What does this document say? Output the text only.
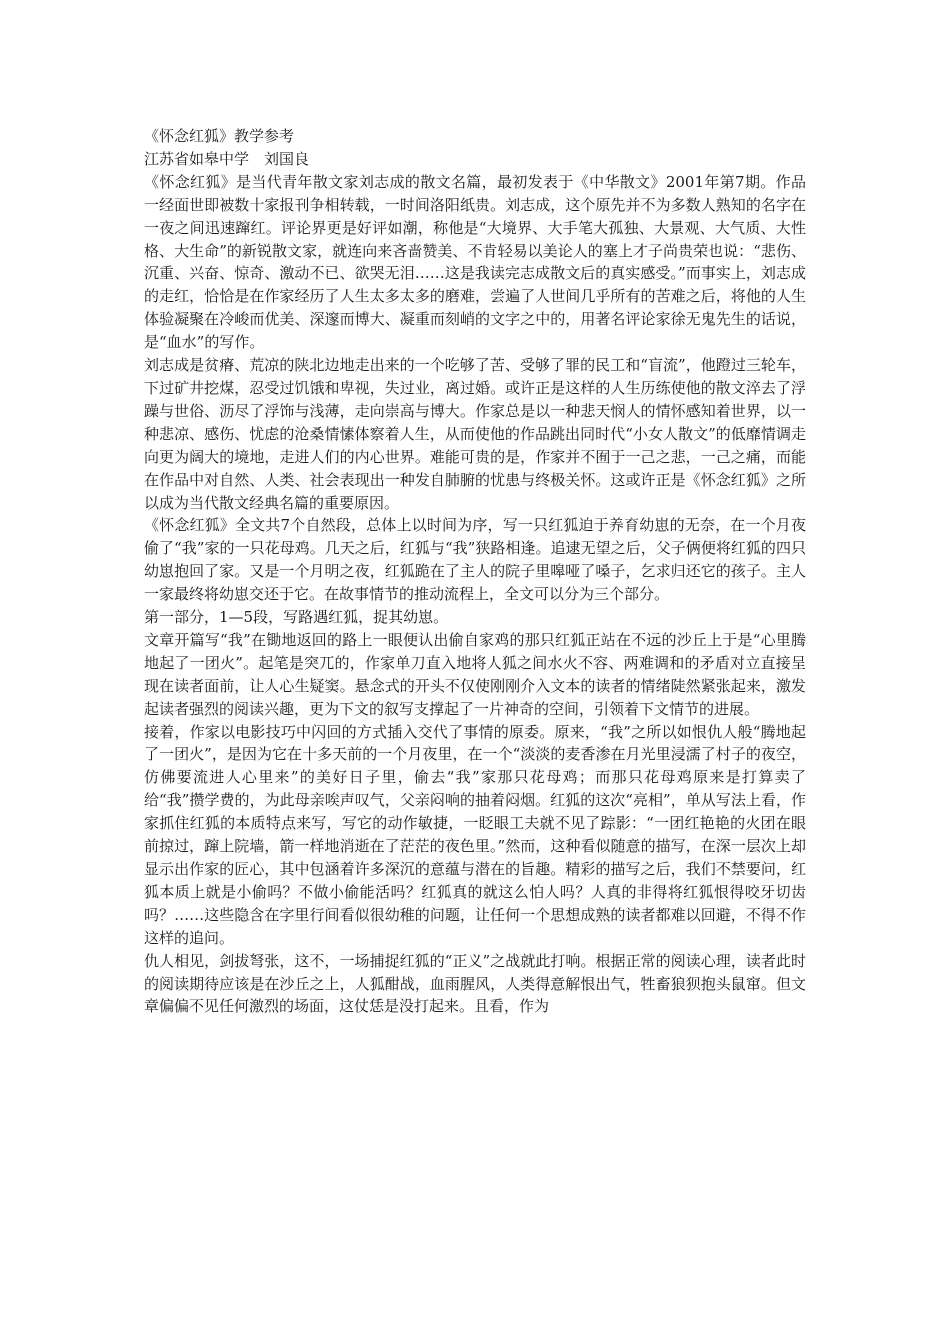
《怀念红狐》教学参考

江苏省如皋中学　刘国良

《怀念红狐》是当代青年散文家刘志成的散文名篇，最初发表于《中华散文》2001年第7期。作品一经面世即被数十家报刊争相转载，一时间洛阳纸贵。刘志成，这个原先并不为多数人熟知的名字在一夜之间迅速蹿红。评论界更是好评如潮，称他是“大境界、大手笔大孤独、大景观、大气质、大性格、大生命”的新锐散文家，就连向来吝啬赞美、不肯轻易以美论人的塞上才子尚贵荣也说：“悲伤、沉重、兴奋、惊奇、激动不已、欲哭无泪……这是我读完志成散文后的真实感受。”而事实上，刘志成的走红，恰恰是在作家经历了人生太多太多的磨难，尝遍了人世间几乎所有的苦难之后，将他的人生体验凝聚在冷峻而优美、深邃而博大、凝重而刻峭的文字之中的，用著名评论家徐无鬼先生的话说，是“血水”的写作。

刘志成是贫瘠、荒凉的陕北边地走出来的一个吃够了苦、受够了罪的民工和“盲流”，他蹬过三轮车，下过矿井挖煤，忍受过饥饿和卑视，失过业，离过婚。或许正是这样的人生历练使他的散文淬去了浮躁与世俗、沥尽了浮饰与浅薄，走向崇高与博大。作家总是以一种悲天悯人的情怀感知着世界，以一种悲凉、感伤、忧虑的沧桑情愫体察着人生，从而使他的作品跳出同时代“小女人散文”的低靡情调走向更为阔大的境地，走进人们的内心世界。难能可贵的是，作家并不囿于一己之悲，一己之痛，而能在作品中对自然、人类、社会表现出一种发自肺腑的忧患与终极关怀。这或许正是《怀念红狐》之所以成为当代散文经典名篇的重要原因。

《怀念红狐》全文共7个自然段，总体上以时间为序，写一只红狐迫于养育幼崽的无奈，在一个月夜偷了“我”家的一只花母鸡。几天之后，红狐与“我”狭路相逢。追逮无望之后，父子俩便将红狐的四只幼崽抱回了家。又是一个月明之夜，红狐跪在了主人的院子里嗥哑了嗓子，乞求归还它的孩子。主人一家最终将幼崽交还于它。在故事情节的推动流程上，全文可以分为三个部分。

第一部分，1—5段，写路遇红狐，捉其幼崽。

文章开篇写“我”在锄地返回的路上一眼便认出偷自家鸡的那只红狐正站在不远的沙丘上于是“心里腾地起了一团火”。起笔是突兀的，作家单刀直入地将人狐之间水火不容、两难调和的矛盾对立直接呈现在读者面前，让人心生疑窦。悬念式的开头不仅使刚刚介入文本的读者的情绪陡然紧张起来，激发起读者强烈的阅读兴趣，更为下文的叙写支撑起了一片神奇的空间，引领着下文情节的进展。

接着，作家以电影技巧中闪回的方式插入交代了事情的原委。原来，“我”之所以如恨仇人般“腾地起了一团火”，是因为它在十多天前的一个月夜里，在一个“淡淡的麦香渗在月光里浸濡了村子的夜空，仿佛要流进人心里来”的美好日子里，偷去“我”家那只花母鸡；而那只花母鸡原来是打算卖了给“我”攒学费的，为此母亲唉声叹气，父亲闷响的抽着闷烟。红狐的这次“亮相”，单从写法上看，作家抓住红狐的本质特点来写，写它的动作敏捷，一眨眼工夫就不见了踪影：“一团红艳艳的火团在眼前掠过，蹿上院墙，箭一样地消逝在了茫茫的夜色里。”然而，这种看似随意的描写，在深一层次上却显示出作家的匠心，其中包涵着许多深沉的意蕴与潜在的旨趣。精彩的描写之后，我们不禁要问，红狐本质上就是小偷吗？不做小偷能活吗？红狐真的就这么怕人吗？人真的非得将红狐恨得咬牙切齿吗？……这些隐含在字里行间看似很幼稚的问题，让任何一个思想成熟的读者都难以回避，不得不作这样的追问。

仇人相见，剑拔弩张，这不，一场捕捉红狐的“正义”之战就此打响。根据正常的阅读心理，读者此时的阅读期待应该是在沙丘之上，人狐酣战，血雨腥风，人类得意解恨出气，牲畜狼狈抱头鼠窜。但文章偏偏不见任何激烈的场面，这仗恁是没打起来。且看，作为
